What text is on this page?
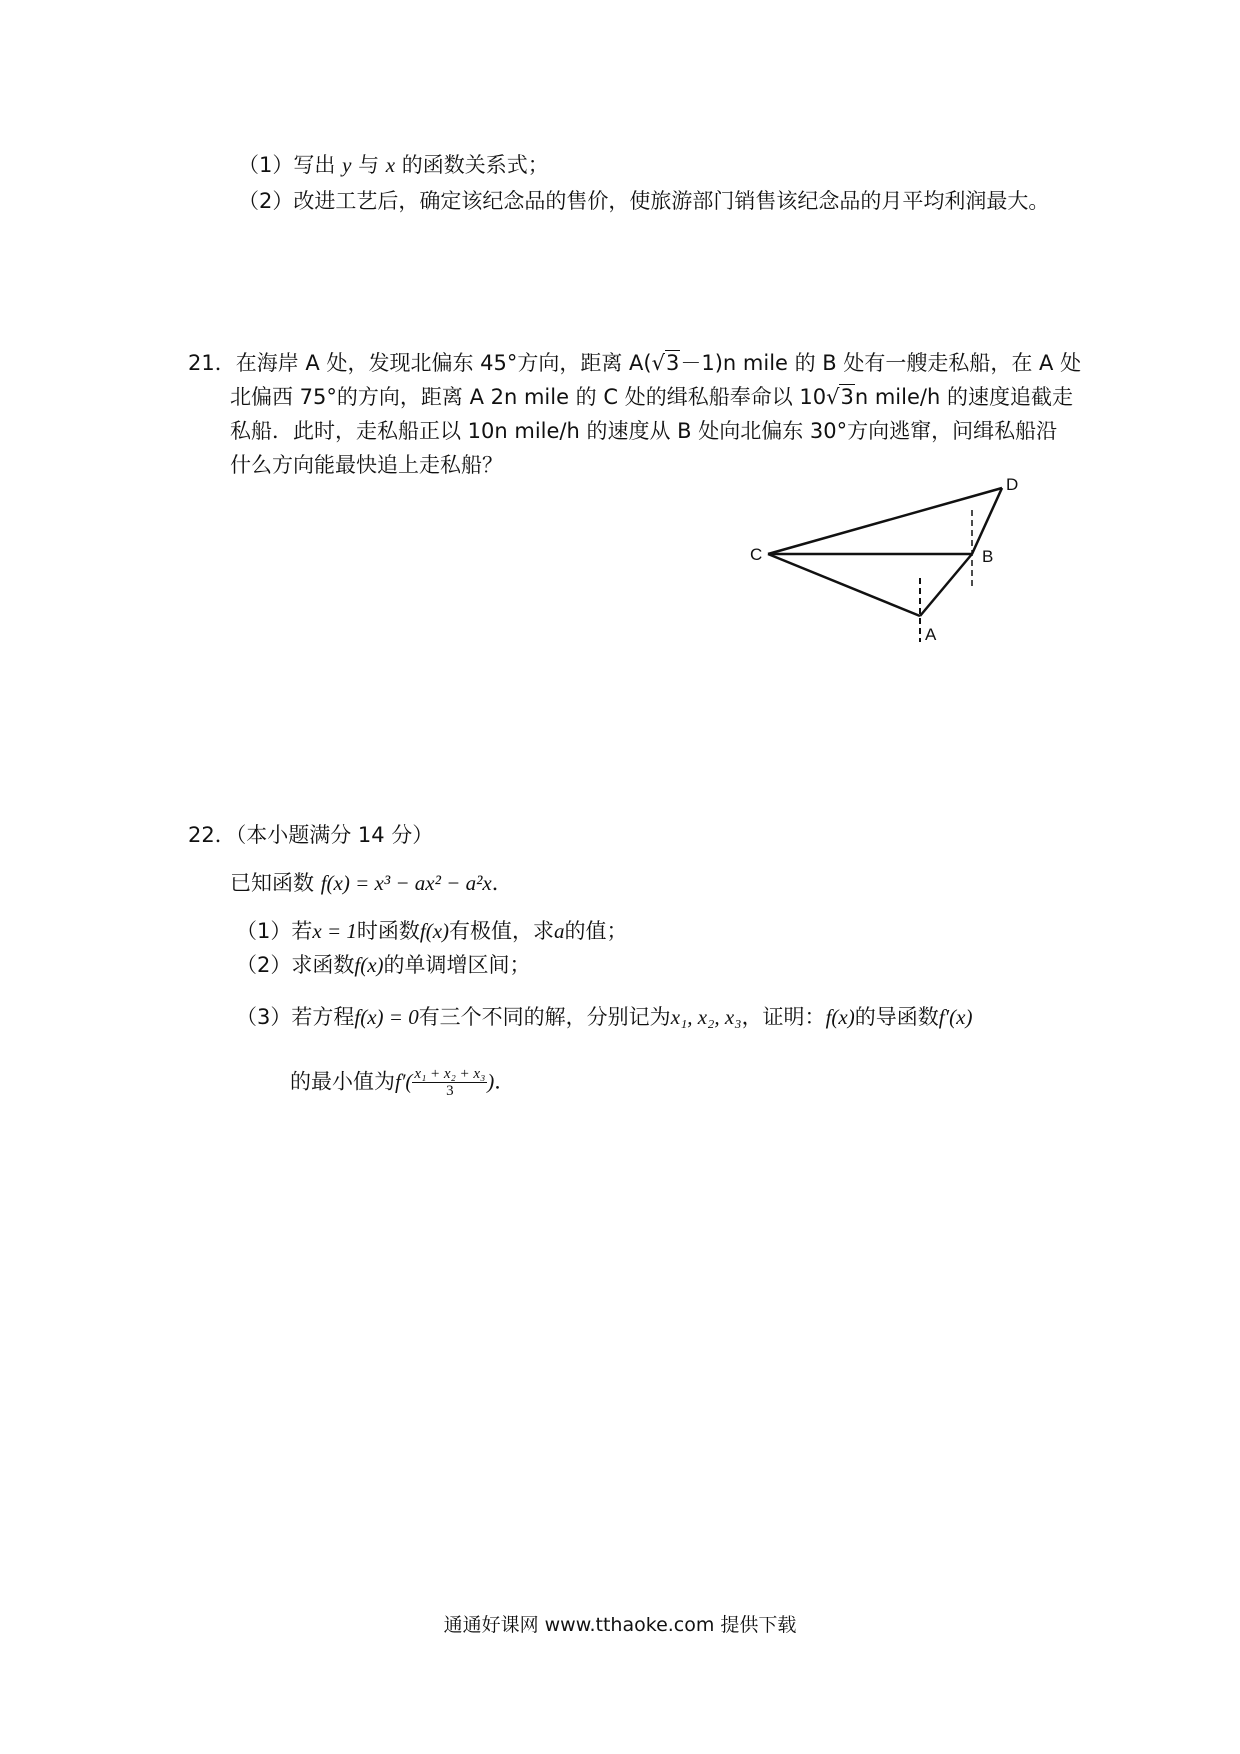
（1）写出 y 与 x 的函数关系式；
（2）改进工艺后，确定该纪念品的售价，使旅游部门销售该纪念品的月平均利润最大。
21．在海岸 A 处，发现北偏东 45°方向，距离 A(√3－1)n mile 的 B 处有一艘走私船，在 A 处
北偏西 75°的方向，距离 A 2n mile 的 C 处的缉私船奉命以 10√3n mile/h 的速度追截走
私船．此时，走私船正以 10n mile/h 的速度从 B 处向北偏东 30°方向逃窜，问缉私船沿
什么方向能最快追上走私船？
A
B
C
D
22．（本小题满分 14 分）
已知函数 f(x) = x³ − ax² − a²x．
（1）若x = 1时函数f(x)有极值，求a的值；
（2）求函数f(x)的单调增区间；
（3）若方程f(x) = 0有三个不同的解，分别记为x₁, x₂, x₃，证明：f(x)的导函数f′(x)
的最小值为$f'( \frac{\text{x₁ + x₂ + x₃}}{3}$ )．
通通好课网 www.tthaoke.com 提供下载
